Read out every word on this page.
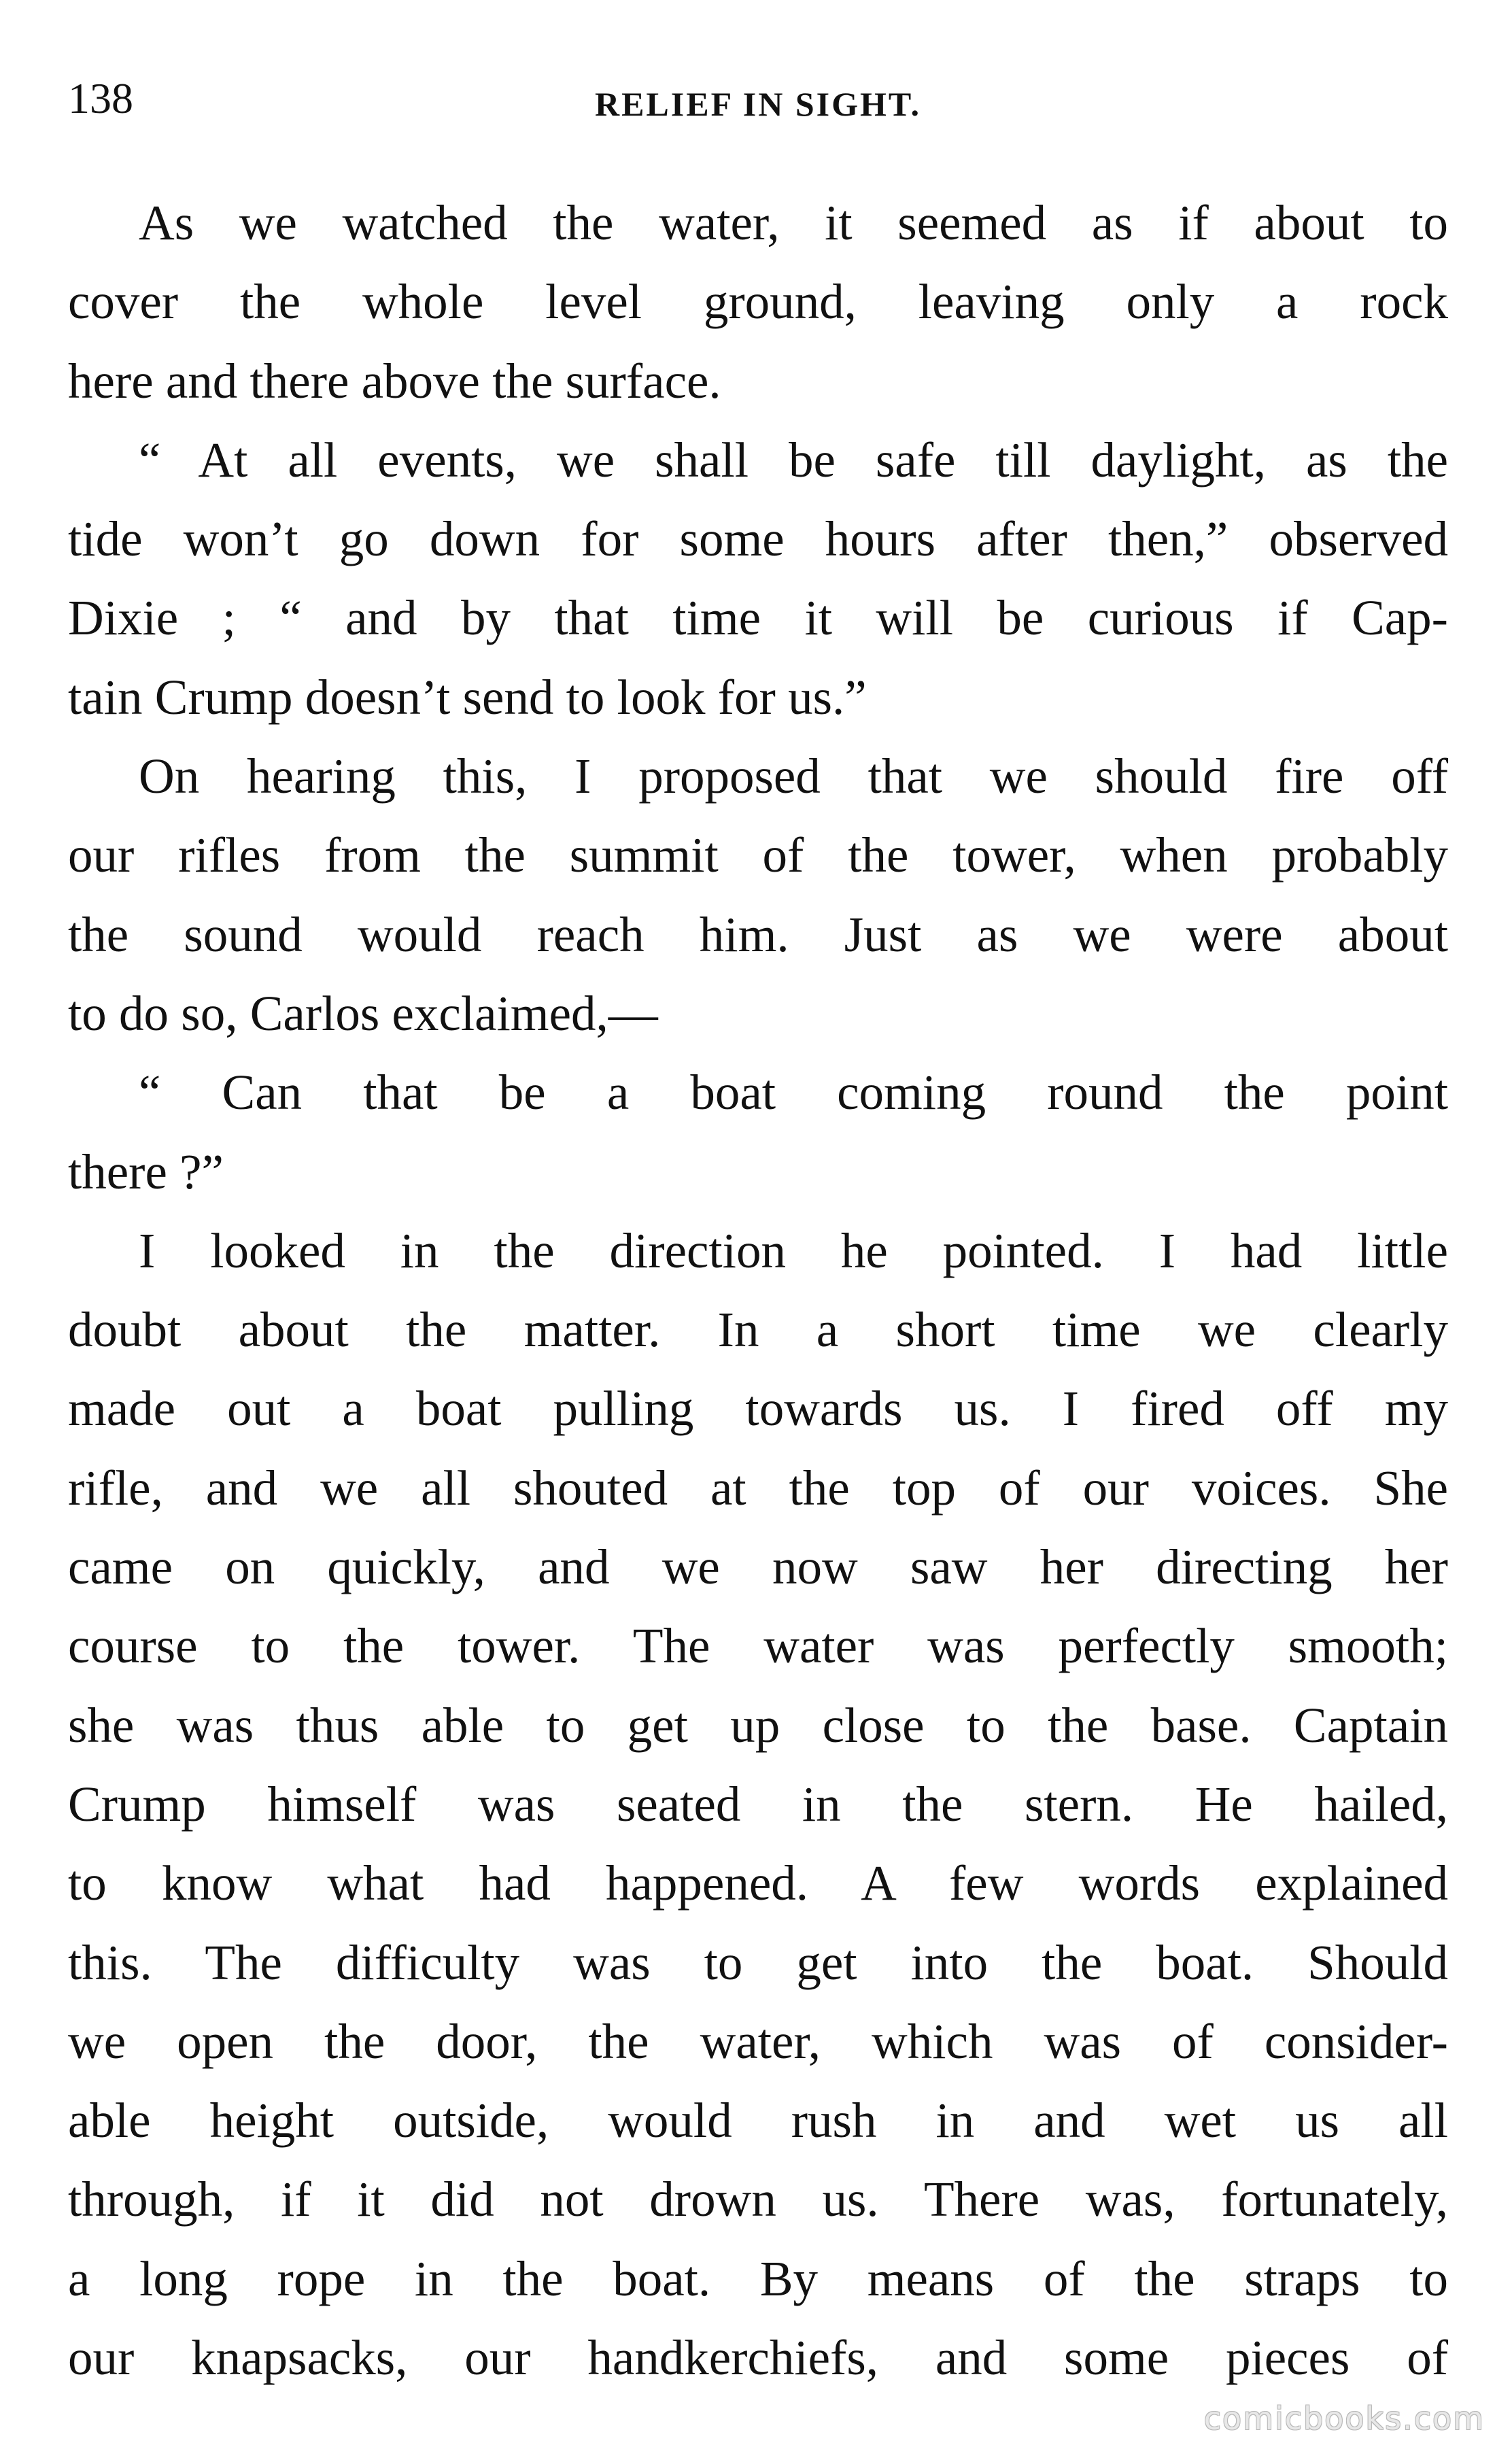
138	RELIEF IN SIGHT.
As we watched the water, it seemed as if about to
cover the whole level ground, leaving only a rock
here and there above the surface.
“ At all events, we shall be safe till daylight, as the
tide won’t go down for some hours after then,” observed
Dixie ; “ and by that time it will be curious if Cap-
tain Crump doesn’t send to look for us.”
On hearing this, I proposed that we should fire off
our rifles from the summit of the tower, when probably
the sound would reach him. Just as we were about
to do so, Carlos exclaimed,—
“ Can that be a boat coming round the point
there ?”
I looked in the direction he pointed. I had little
doubt about the matter. In a short time we clearly
made out a boat pulling towards us. I fired off my
rifle, and we all shouted at the top of our voices. She
came on quickly, and we now saw her directing her
course to the tower. The water was perfectly smooth;
she was thus able to get up close to the base. Captain
Crump himself was seated in the stern. He hailed,
to know what had happened. A few words explained
this. The difficulty was to get into the boat. Should
we open the door, the water, which was of consider-
able height outside, would rush in and wet us all
through, if it did not drown us. There was, fortunately,
a long rope in the boat. By means of the straps to
our knapsacks, our handkerchiefs, and some pieces of
comicbooks.com
